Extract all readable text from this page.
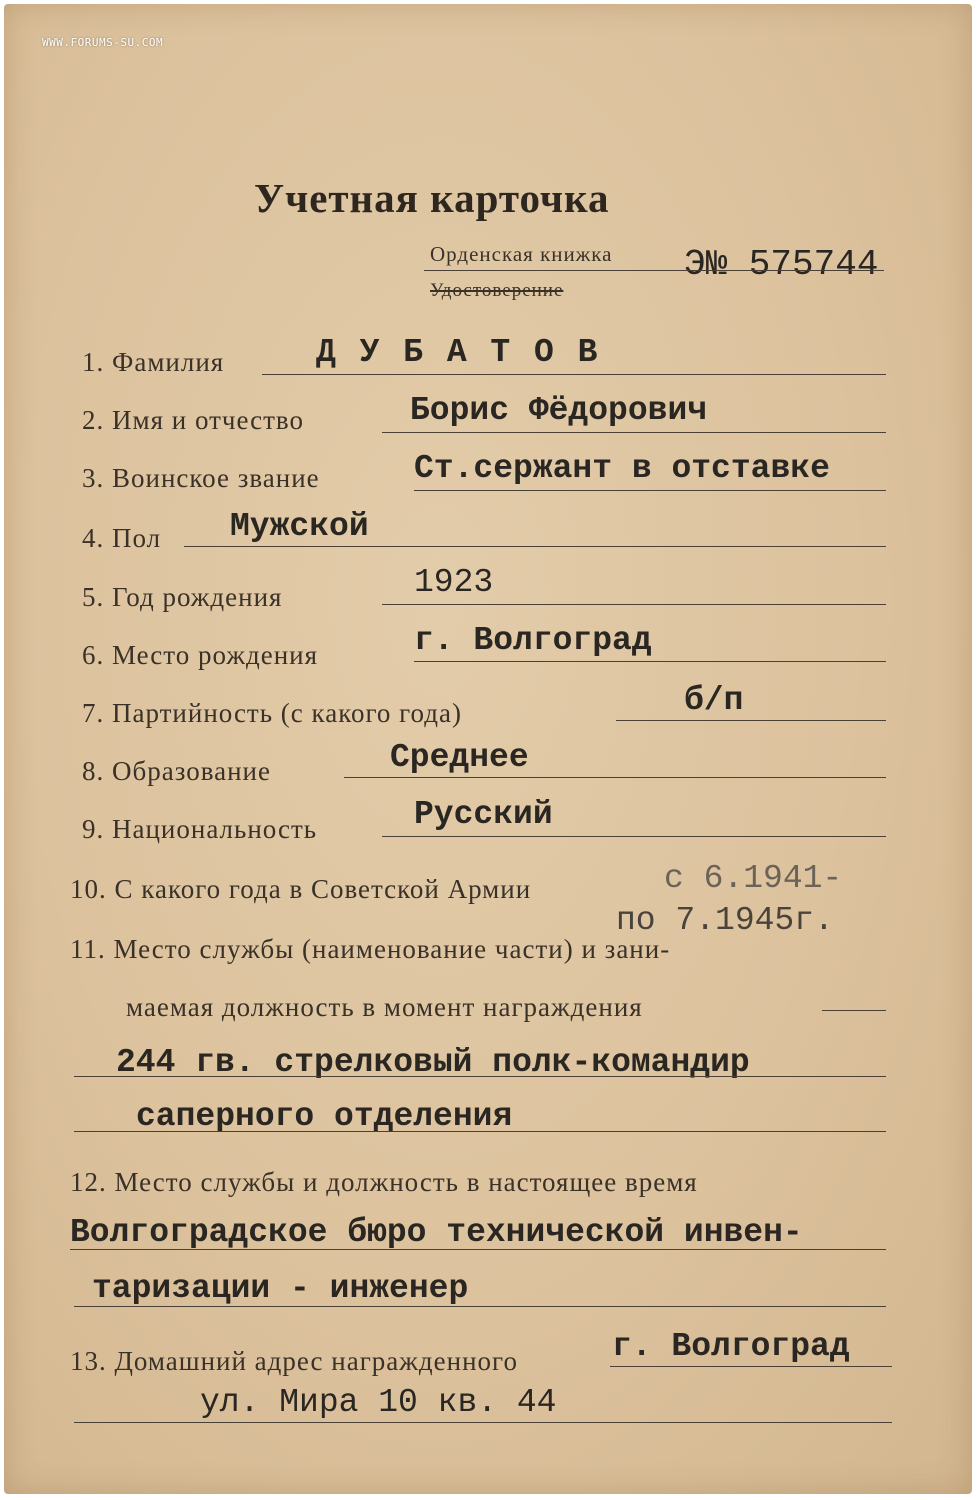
WWW.FORUMS-SU.COM
Учетная карточка
Орденская книжка Э№ 575744
Удостоверение
1. Фамилия	Д У Б А Т О В
2. Имя и отчество	Борис Фёдорович
3. Воинское звание	Ст.сержант в отставке
4. Пол Мужской
5. Год рождения	1923
6. Место рождения	г. Волгоград
7. Партийность (с какого года)	б/п
8. Образование	Среднее
9. Национальность	Русский
10. С какого года в Советской Армии	с 6.1941-
по 7.1945г.
11. Место службы (наименование части) и зани-
маемая должность в момент награждения
244 гв. стрелковый полк-командир
саперного отделения
12. Место службы и должность в настоящее время
Волгоградское бюро технической инвен-
таризации - инженер
13. Домашний адрес награжденного	г. Волгоград
ул. Мира 10 кв. 44
